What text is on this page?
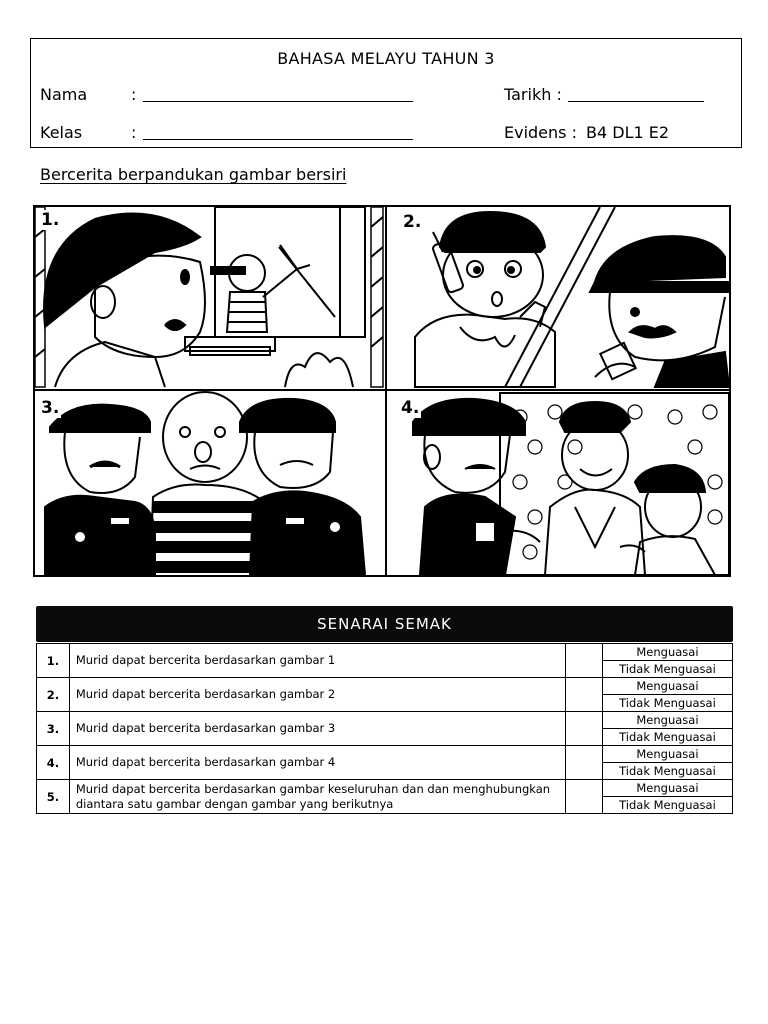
BAHASA MELAYU TAHUN 3
Nama	:
Kelas	:
Tarikh :
Evidens : B4 DL1 E2
Bercerita berpandukan gambar bersiri
1.	2.
3.	4.
SENARAI SEMAK
1.	Murid dapat bercerita berdasarkan gambar 1		Menguasai
			Tidak Menguasai
2.	Murid dapat bercerita berdasarkan gambar 2		Menguasai
			Tidak Menguasai
3.	Murid dapat bercerita berdasarkan gambar 3		Menguasai
			Tidak Menguasai
4.	Murid dapat bercerita berdasarkan gambar 4		Menguasai
			Tidak Menguasai
5.	Murid dapat bercerita berdasarkan gambar keseluruhan dan dan menghubungkan diantara satu gambar dengan gambar yang berikutnya		Menguasai
			Tidak Menguasai
